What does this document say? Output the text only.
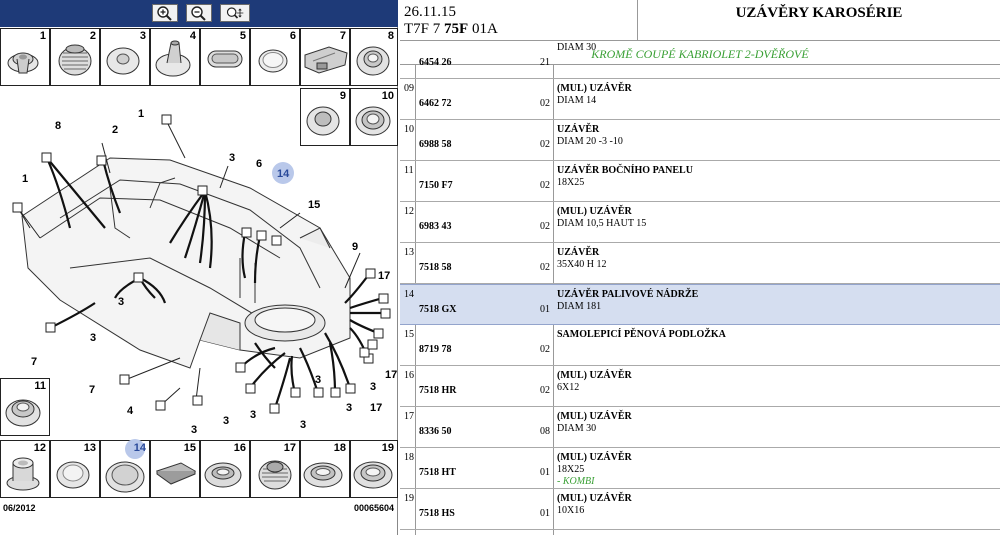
1	2	3	4	5	6	7	8
9	10
1
2
3
4
6
7
8
9
14
15
17
3
3
3 3
3
3
3
3
17
17
1
7	3
11
12	13	14	15	16	17	18	19
06/2012	00065604
26.11.15
T7F 7 75F 01A
UZÁVĚRY KAROSÉRIE
KROMĚ COUPÉ KABRIOLET 2-DVĚŘOVÉ
6454 26	21
DIAM 30
09
6462 72	02
(MUL) UZÁVĚR
DIAM 14
10
6988 58	02
UZÁVĚR
DIAM 20 -3 -10
11
7150 F7	02
UZÁVĚR BOČNÍHO PANELU
18X25
12
6983 43	02
(MUL) UZÁVĚR
DIAM 10,5 HAUT 15
13
7518 58	02
UZÁVĚR
35X40 H 12
14
7518 GX	01
UZÁVĚR PALIVOVÉ NÁDRŽE
DIAM 181
15
8719 78	02
SAMOLEPICÍ PĚNOVÁ PODLOŽKA
16
7518 HR	02
(MUL) UZÁVĚR
6X12
17
8336 50	08
(MUL) UZÁVĚR
DIAM 30
18
7518 HT	01
(MUL) UZÁVĚR
18X25
- KOMBI
19
7518 HS	01
(MUL) UZÁVĚR
10X16
